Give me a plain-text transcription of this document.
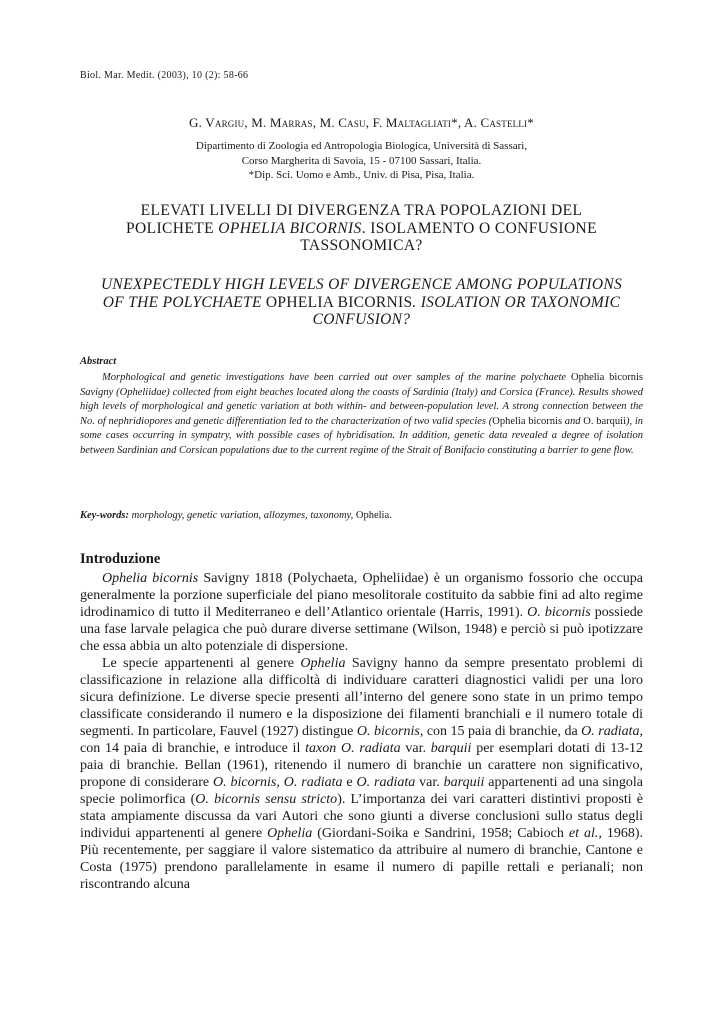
Biol. Mar. Medit. (2003), 10 (2): 58-66
G. Vargiu, M. Marras, M. Casu, F. Maltagliati*, A. Castelli*
Dipartimento di Zoologia ed Antropologia Biologica, Università di Sassari,
Corso Margherita di Savoia, 15 - 07100 Sassari, Italia.
*Dip. Sci. Uomo e Amb., Univ. di Pisa, Pisa, Italia.
ELEVATI LIVELLI DI DIVERGENZA TRA POPOLAZIONI DEL
POLICHETE OPHELIA BICORNIS. ISOLAMENTO O CONFUSIONE
TASSONOMICA?
UNEXPECTEDLY HIGH LEVELS OF DIVERGENCE AMONG POPULATIONS
OF THE POLYCHAETE OPHELIA BICORNIS. ISOLATION OR TAXONOMIC
CONFUSION?
Abstract
Morphological and genetic investigations have been carried out over samples of the marine polychaete Ophelia bicornis Savigny (Opheliidae) collected from eight beaches located along the coasts of Sardinia (Italy) and Corsica (France). Results showed high levels of morphological and genetic variation at both within- and between-population level. A strong connection between the No. of nephridiopores and genetic differentiation led to the characterization of two valid species (Ophelia bicornis and O. barquii), in some cases occurring in sympatry, with possible cases of hybridisation. In addition, genetic data revealed a degree of isolation between Sardinian and Corsican populations due to the current regime of the Strait of Bonifacio constituting a barrier to gene flow.
Key-words: morphology, genetic variation, allozymes, taxonomy, Ophelia.
Introduzione

Ophelia bicornis Savigny 1818 (Polychaeta, Opheliidae) è un organismo fossorio che occupa generalmente la porzione superficiale del piano mesolitorale costituito da sabbie fini ad alto regime idrodinamico di tutto il Mediterraneo e dell’Atlantico orientale (Harris, 1991). O. bicornis possiede una fase larvale pelagica che può durare diverse settimane (Wilson, 1948) e perciò si può ipotizzare che essa abbia un alto potenziale di dispersione.

Le specie appartenenti al genere Ophelia Savigny hanno da sempre presentato problemi di classificazione in relazione alla difficoltà di individuare caratteri diagnostici validi per una loro sicura definizione. Le diverse specie presenti all’interno del genere sono state in un primo tempo classificate considerando il numero e la disposizione dei filamenti branchiali e il numero totale di segmenti. In particolare, Fauvel (1927) distingue O. bicornis, con 15 paia di branchie, da O. radiata, con 14 paia di branchie, e introduce il taxon O. radiata var. barquii per esemplari dotati di 13-12 paia di branchie. Bellan (1961), ritenendo il numero di branchie un carattere non significativo, propone di considerare O. bicornis, O. radiata e O. radiata var. barquii appartenenti ad una singola specie polimorfica (O. bicornis sensu stricto). L’importanza dei vari caratteri distintivi proposti è stata ampiamente discussa da vari Autori che sono giunti a diverse conclusioni sullo status degli individui appartenenti al genere Ophelia (Giordani-Soika e Sandrini, 1958; Cabioch et al., 1968). Più recentemente, per saggiare il valore sistematico da attribuire al numero di branchie, Cantone e Costa (1975) prendono parallelamente in esame il numero di papille rettali e perianali; non riscontrando alcuna
